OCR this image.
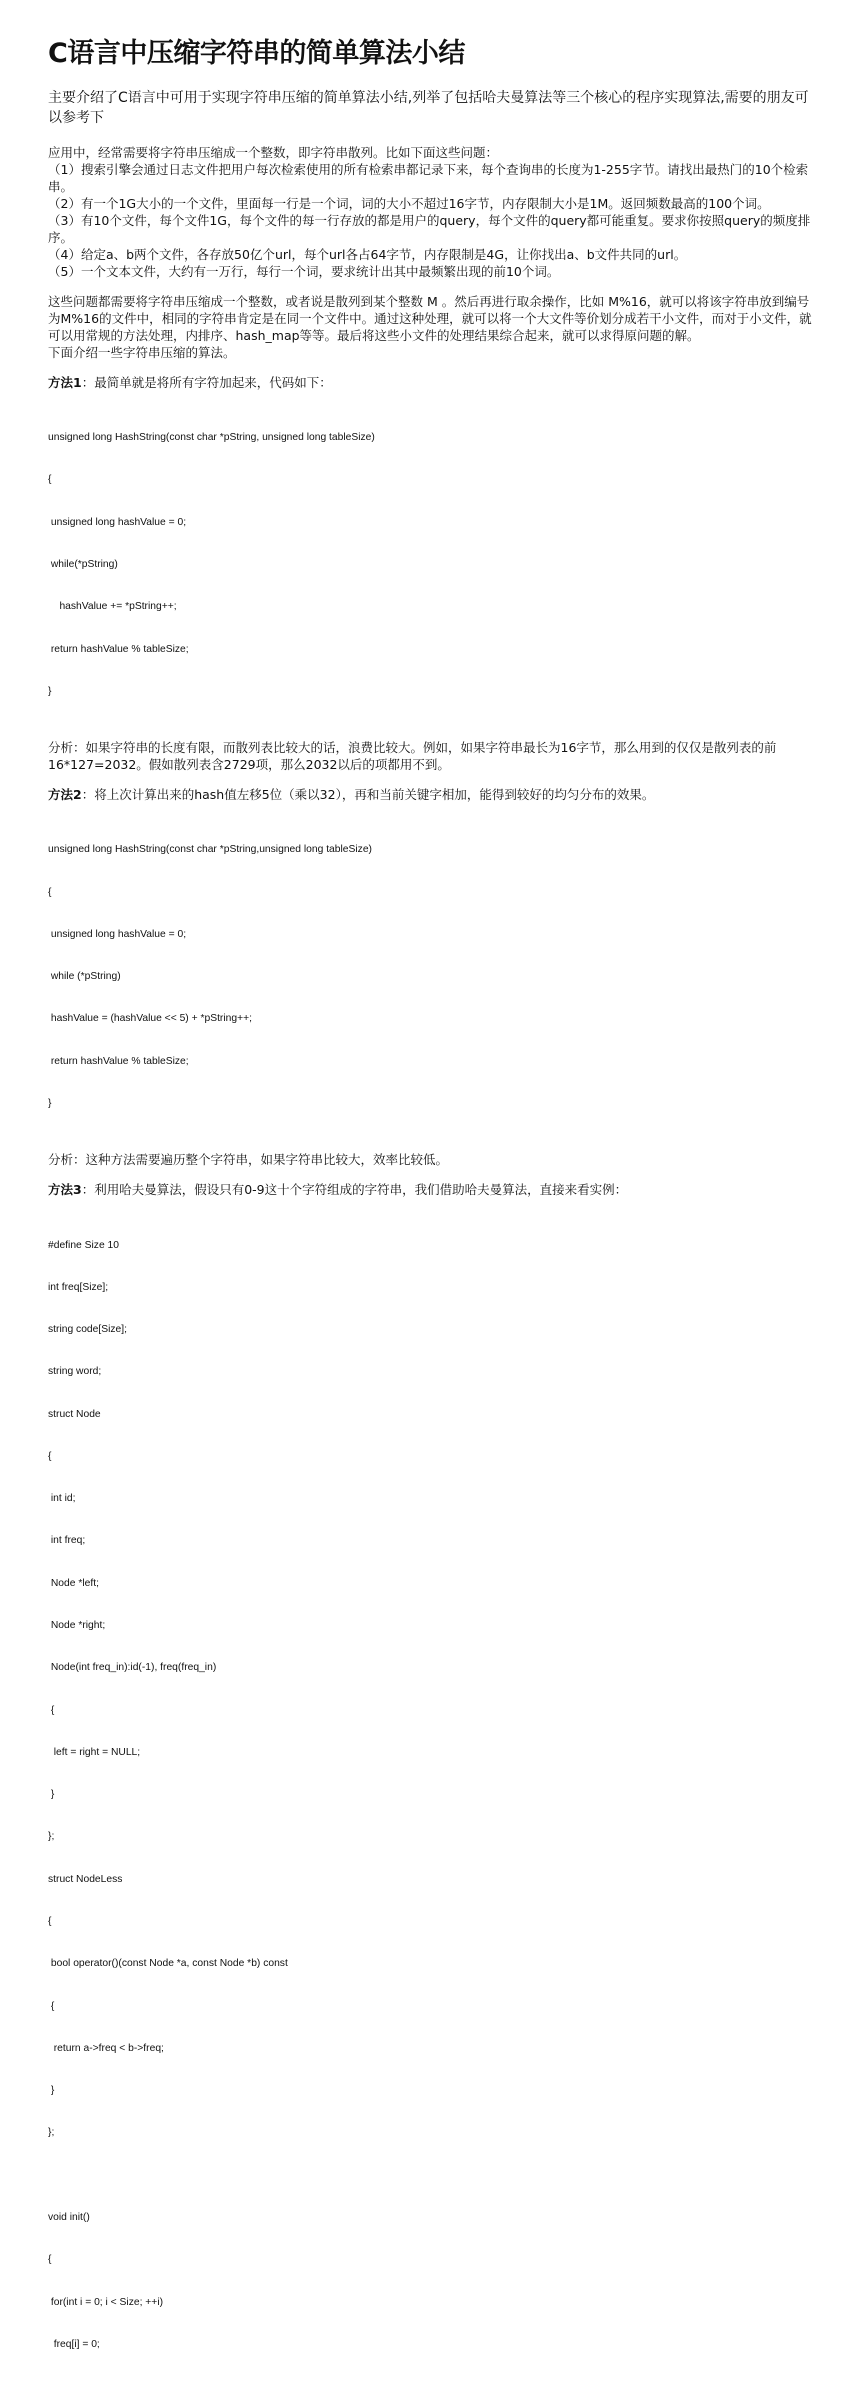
C语言中压缩字符串的简单算法小结

主要介绍了C语言中可用于实现字符串压缩的简单算法小结,列举了包括哈夫曼算法等三个核心的程序实现算法,需要的朋友可以参考下

应用中，经常需要将字符串压缩成一个整数，即字符串散列。比如下面这些问题：
（1）搜索引擎会通过日志文件把用户每次检索使用的所有检索串都记录下来，每个查询串的长度为1-255字节。请找出最热门的10个检索串。
（2）有一个1G大小的一个文件，里面每一行是一个词，词的大小不超过16字节，内存限制大小是1M。返回频数最高的100个词。
（3）有10个文件，每个文件1G，每个文件的每一行存放的都是用户的query，每个文件的query都可能重复。要求你按照query的频度排序。
（4）给定a、b两个文件，各存放50亿个url，每个url各占64字节，内存限制是4G，让你找出a、b文件共同的url。
（5）一个文本文件，大约有一万行，每行一个词，要求统计出其中最频繁出现的前10个词。
这些问题都需要将字符串压缩成一个整数，或者说是散列到某个整数 M 。然后再进行取余操作，比如 M%16，就可以将该字符串放到编号为M%16的文件中，相同的字符串肯定是在同一个文件中。通过这种处理，就可以将一个大文件等价划分成若干小文件，而对于小文件，就可以用常规的方法处理，内排序、hash_map等等。最后将这些小文件的处理结果综合起来，就可以求得原问题的解。
下面介绍一些字符串压缩的算法。

方法1：最简单就是将所有字符加起来，代码如下：

unsigned long HashString(const char *pString, unsigned long tableSize)

{

unsigned long hashValue = 0;

while(*pString)

hashValue += *pString++;

return hashValue % tableSize;

}

分析：如果字符串的长度有限，而散列表比较大的话，浪费比较大。例如，如果字符串最长为16字节，那么用到的仅仅是散列表的前16*127=2032。假如散列表含2729项，那么2032以后的项都用不到。

方法2：将上次计算出来的hash值左移5位（乘以32），再和当前关键字相加，能得到较好的均匀分布的效果。

unsigned long HashString(const char *pString,unsigned long tableSize)

{

unsigned long hashValue = 0;

while (*pString)

hashValue = (hashValue << 5) + *pString++;

return hashValue % tableSize;

}

分析：这种方法需要遍历整个字符串，如果字符串比较大，效率比较低。

方法3：利用哈夫曼算法，假设只有0-9这十个字符组成的字符串，我们借助哈夫曼算法，直接来看实例：

#define Size 10

int freq[Size];

string code[Size];

string word;

struct Node

{

int id;

int freq;

Node *left;

Node *right;

Node(int freq_in):id(-1), freq(freq_in)

{

left = right = NULL;

}

};

struct NodeLess

{

bool operator()(const Node *a, const Node *b) const

{

return a->freq < b->freq;

}

};

void init()

{

for(int i = 0; i < Size; ++i)

freq[i] = 0;
